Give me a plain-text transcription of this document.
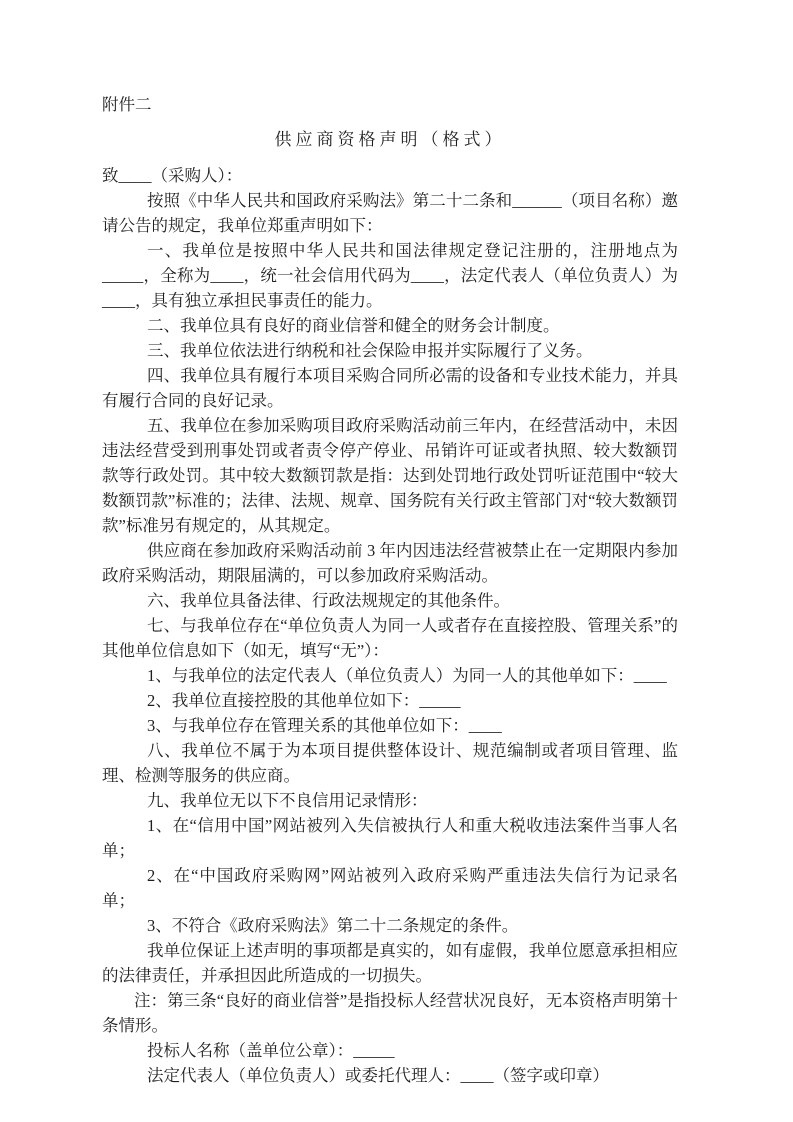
附件二

供应商资格声明（格式）

致____（采购人）：

按照《中华人民共和国政府采购法》第二十二条和______（项目名称）邀请公告的规定，我单位郑重声明如下：

一、我单位是按照中华人民共和国法律规定登记注册的，注册地点为_____，全称为____，统一社会信用代码为____，法定代表人（单位负责人）为____，具有独立承担民事责任的能力。

二、我单位具有良好的商业信誉和健全的财务会计制度。

三、我单位依法进行纳税和社会保险申报并实际履行了义务。

四、我单位具有履行本项目采购合同所必需的设备和专业技术能力，并具有履行合同的良好记录。

五、我单位在参加采购项目政府采购活动前三年内，在经营活动中，未因违法经营受到刑事处罚或者责令停产停业、吊销许可证或者执照、较大数额罚款等行政处罚。其中较大数额罚款是指：达到处罚地行政处罚听证范围中“较大数额罚款”标准的；法律、法规、规章、国务院有关行政主管部门对“较大数额罚款”标准另有规定的，从其规定。

供应商在参加政府采购活动前 3 年内因违法经营被禁止在一定期限内参加政府采购活动，期限届满的，可以参加政府采购活动。

六、我单位具备法律、行政法规规定的其他条件。

七、与我单位存在“单位负责人为同一人或者存在直接控股、管理关系”的其他单位信息如下（如无，填写“无”）：

1、与我单位的法定代表人（单位负责人）为同一人的其他单如下：____

2、我单位直接控股的其他单位如下：_____

3、与我单位存在管理关系的其他单位如下：____

八、我单位不属于为本项目提供整体设计、规范编制或者项目管理、监理、检测等服务的供应商。

九、我单位无以下不良信用记录情形：

1、在“信用中国”网站被列入失信被执行人和重大税收违法案件当事人名单；

2、在“中国政府采购网”网站被列入政府采购严重违法失信行为记录名单；

3、不符合《政府采购法》第二十二条规定的条件。

我单位保证上述声明的事项都是真实的，如有虚假，我单位愿意承担相应的法律责任，并承担因此所造成的一切损失。

注：第三条“良好的商业信誉”是指投标人经营状况良好，无本资格声明第十条情形。

投标人名称（盖单位公章）：_____

法定代表人（单位负责人）或委托代理人：____（签字或印章）
